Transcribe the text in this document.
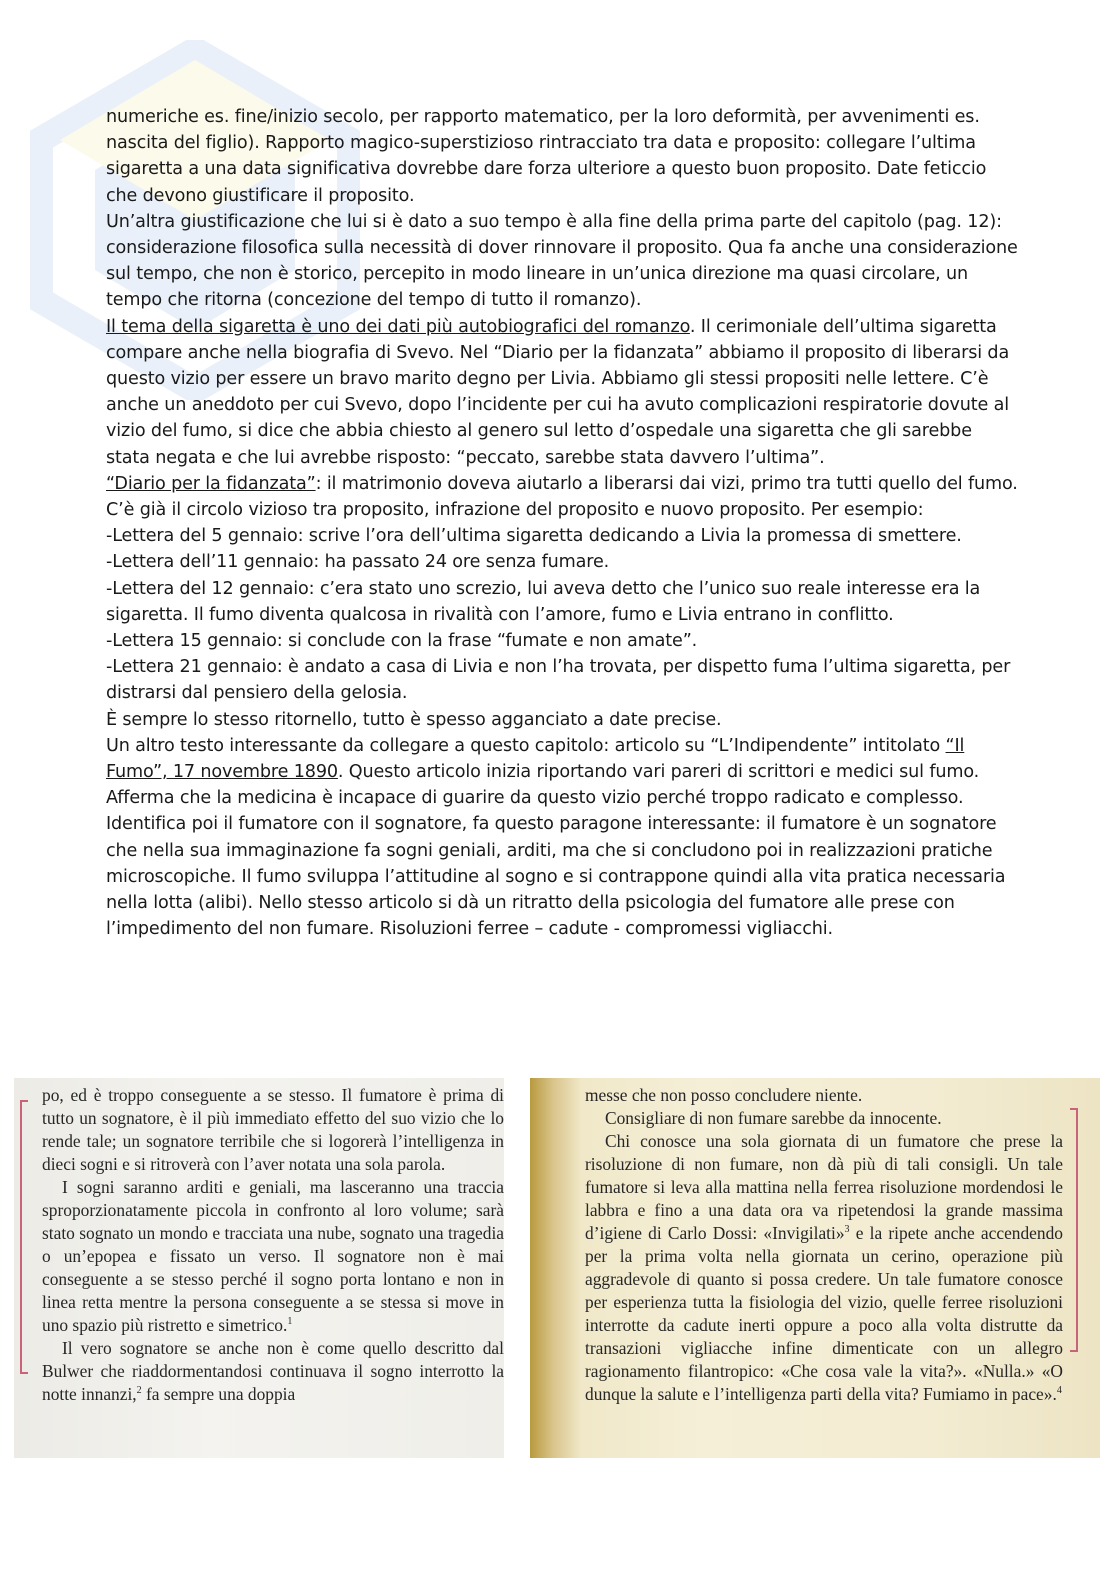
numeriche es. fine/inizio secolo, per rapporto matematico, per la loro deformità, per avvenimenti es. nascita del figlio). Rapporto magico-superstizioso rintracciato tra data e proposito: collegare l’ultima sigaretta a una data significativa dovrebbe dare forza ulteriore a questo buon proposito. Date feticcio che devono giustificare il proposito.

Un’altra giustificazione che lui si è dato a suo tempo è alla fine della prima parte del capitolo (pag. 12): considerazione filosofica sulla necessità di dover rinnovare il proposito. Qua fa anche una considerazione sul tempo, che non è storico, percepito in modo lineare in un’unica direzione ma quasi circolare, un tempo che ritorna (concezione del tempo di tutto il romanzo).

Il tema della sigaretta è uno dei dati più autobiografici del romanzo. Il cerimoniale dell’ultima sigaretta compare anche nella biografia di Svevo. Nel “Diario per la fidanzata” abbiamo il proposito di liberarsi da questo vizio per essere un bravo marito degno per Livia. Abbiamo gli stessi propositi nelle lettere. C’è anche un aneddoto per cui Svevo, dopo l’incidente per cui ha avuto complicazioni respiratorie dovute al vizio del fumo, si dice che abbia chiesto al genero sul letto d’ospedale una sigaretta che gli sarebbe stata negata e che lui avrebbe risposto: “peccato, sarebbe stata davvero l’ultima”.

“Diario per la fidanzata”: il matrimonio doveva aiutarlo a liberarsi dai vizi, primo tra tutti quello del fumo. C’è già il circolo vizioso tra proposito, infrazione del proposito e nuovo proposito. Per esempio:

-Lettera del 5 gennaio: scrive l’ora dell’ultima sigaretta dedicando a Livia la promessa di smettere.

-Lettera dell’11 gennaio: ha passato 24 ore senza fumare.

-Lettera del 12 gennaio: c’era stato uno screzio, lui aveva detto che l’unico suo reale interesse era la sigaretta. Il fumo diventa qualcosa in rivalità con l’amore, fumo e Livia entrano in conflitto.

-Lettera 15 gennaio: si conclude con la frase “fumate e non amate”.

-Lettera 21 gennaio: è andato a casa di Livia e non l’ha trovata, per dispetto fuma l’ultima sigaretta, per distrarsi dal pensiero della gelosia.

È sempre lo stesso ritornello, tutto è spesso agganciato a date precise.

Un altro testo interessante da collegare a questo capitolo: articolo su “L’Indipendente” intitolato “Il Fumo”, 17 novembre 1890. Questo articolo inizia riportando vari pareri di scrittori e medici sul fumo. Afferma che la medicina è incapace di guarire da questo vizio perché troppo radicato e complesso. Identifica poi il fumatore con il sognatore, fa questo paragone interessante: il fumatore è un sognatore che nella sua immaginazione fa sogni geniali, arditi, ma che si concludono poi in realizzazioni pratiche microscopiche. Il fumo sviluppa l’attitudine al sogno e si contrappone quindi alla vita pratica necessaria nella lotta (alibi). Nello stesso articolo si dà un ritratto della psicologia del fumatore alle prese con l’impedimento del non fumare. Risoluzioni ferree – cadute - compromessi vigliacchi.

po, ed è troppo conseguente a se stesso. Il fumatore è prima di tutto un sognatore, è il più immediato effetto del suo vizio che lo rende tale; un sognatore terribile che si logorerà l’intelligenza in dieci sogni e si ritroverà con l’aver notata una sola parola.

I sogni saranno arditi e geniali, ma lasceranno una traccia sproporzionatamente piccola in confronto al loro volume; sarà stato sognato un mondo e tracciata una nube, sognato una tragedia o un’epopea e fissato un verso. Il sognatore non è mai conseguente a se stesso perché il sogno porta lontano e non in linea retta mentre la persona conseguente a se stessa si move in uno spazio più ristretto e simetrico.$^1$

Il vero sognatore se anche non è come quello descritto dal Bulwer che riaddormentandosi continuava il sogno interrotto la notte innanzi,$^2$ fa sempre una doppia

messe che non posso concludere niente.

Consigliare di non fumare sarebbe da innocente.

Chi conosce una sola giornata di un fumatore che prese la risoluzione di non fumare, non dà più di tali consigli. Un tale fumatore si leva alla mattina nella ferrea risoluzione mordendosi le labbra e fino a una data ora va ripetendosi la grande massima d’igiene di Carlo Dossi: «Invigilati»$^3$ e la ripete anche accendendo per la prima volta nella giornata un cerino, operazione più aggradevole di quanto si possa credere. Un tale fumatore conosce per esperienza tutta la fisiologia del vizio, quelle ferree risoluzioni interrotte da cadute inerti oppure a poco alla volta distrutte da transazioni vigliacche infine dimenticate con un allegro ragionamento filantropico: «Che cosa vale la vita?». «Nulla.» «O dunque la salute e l’intelligenza parti della vita? Fumiamo in pace».$^4$
